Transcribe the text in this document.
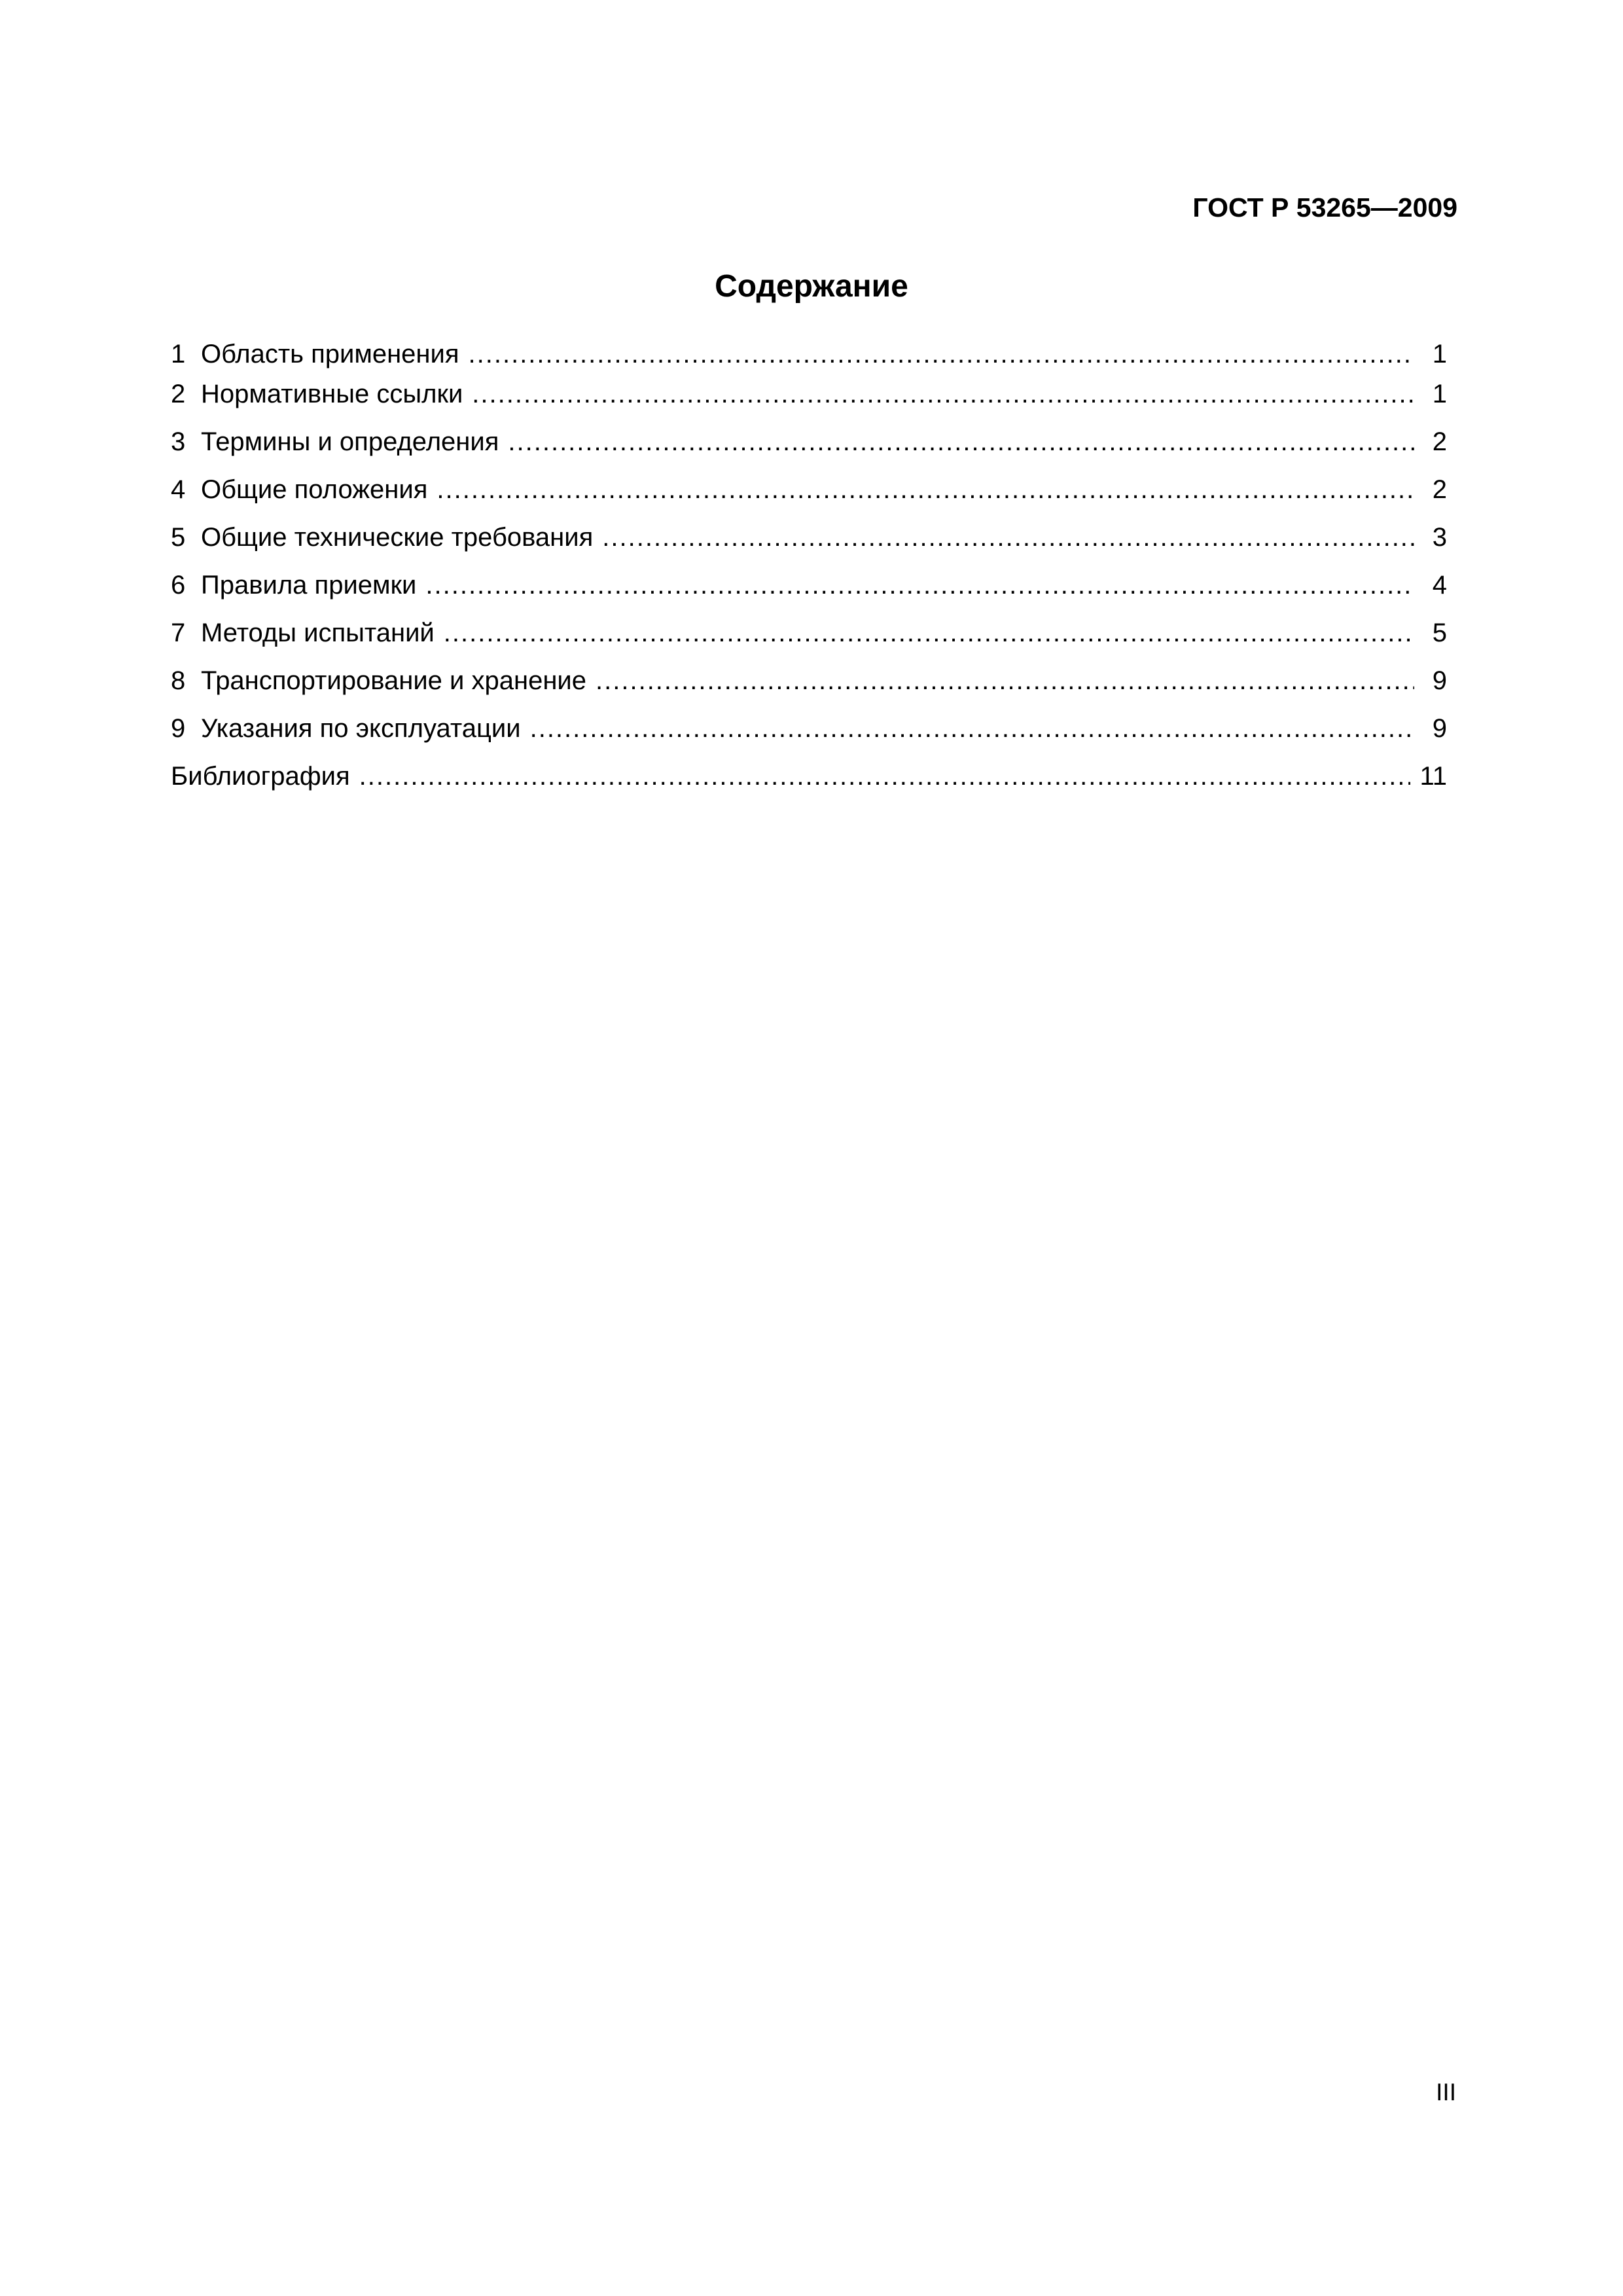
ГОСТ Р 53265—2009
Содержание
1 Область применения .....	1
2 Нормативные ссылки .....	1
3 Термины и определения .....	2
4 Общие положения .....	2
5 Общие технические требования .....	3
6 Правила приемки .....	4
7 Методы испытаний .....	5
8 Транспортирование и хранение .....	9
9 Указания по эксплуатации .....	9
Библиография .....	11
III
